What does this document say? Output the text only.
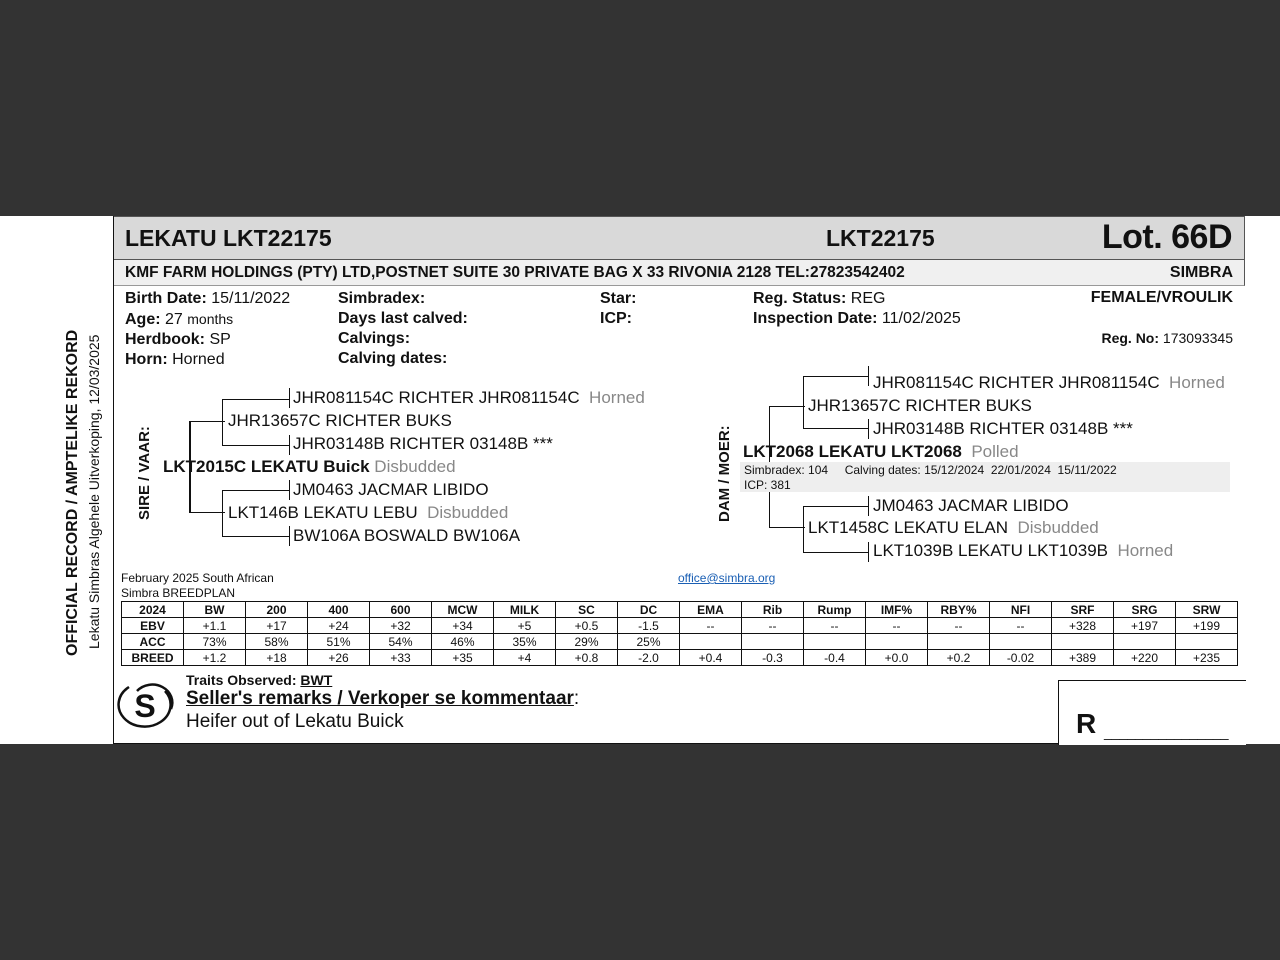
OFFICIAL RECORD / AMPTELIKE REKORD Lekatu Simbras Algehele Uitverkoping, 12/03/2025
LEKATU LKT22175	LKT22175	Lot. 66D
KMF FARM HOLDINGS (PTY) LTD,POSTNET SUITE 30 PRIVATE BAG X 33 RIVONIA 2128 TEL:27823542402	SIMBRA
Birth Date: 15/11/2022
Age: 27 months
Herdbook: SP
Horn: Horned
Simbradex:
Days last calved:
Calvings:
Calving dates:
Star:
ICP:
Reg. Status: REG
Inspection Date: 11/02/2025
FEMALE/VROULIK
Reg. No: 173093345
SIRE / VAAR:
JHR081154C RICHTER JHR081154C Horned
JHR13657C RICHTER BUKS
JHR03148B RICHTER 03148B ***
LKT2015C LEKATU Buick Disbudded
JM0463 JACMAR LIBIDO
LKT146B LEKATU LEBU Disbudded
BW106A BOSWALD BW106A
DAM / MOER:
JHR081154C RICHTER JHR081154C Horned
JHR13657C RICHTER BUKS
JHR03148B RICHTER 03148B ***
LKT2068 LEKATU LKT2068 Polled
Simbradex: 104     Calving dates: 15/12/2024  22/01/2024  15/11/2022
ICP: 381
JM0463 JACMAR LIBIDO
LKT1458C LEKATU ELAN Disbudded
LKT1039B LEKATU LKT1039B Horned
February 2025 South African
Simbra BREEDPLAN
office@simbra.org
2024	BW	200	400	600	MCW	MILK	SC	DC	EMA	Rib	Rump	IMF%	RBY%	NFI	SRF	SRG	SRW
EBV	+1.1	+17	+24	+32	+34	+5	+0.5	-1.5	--	--	--	--	--	--	+328	+197	+199
ACC	73%	58%	51%	54%	46%	35%	29%	25%									
BREED	+1.2	+18	+26	+33	+35	+4	+0.8	-2.0	+0.4	-0.3	-0.4	+0.0	+0.2	-0.02	+389	+220	+235
S
Traits Observed: BWT
Seller's remarks / Verkoper se kommentaar:
Heifer out of Lekatu Buick	R ________________
